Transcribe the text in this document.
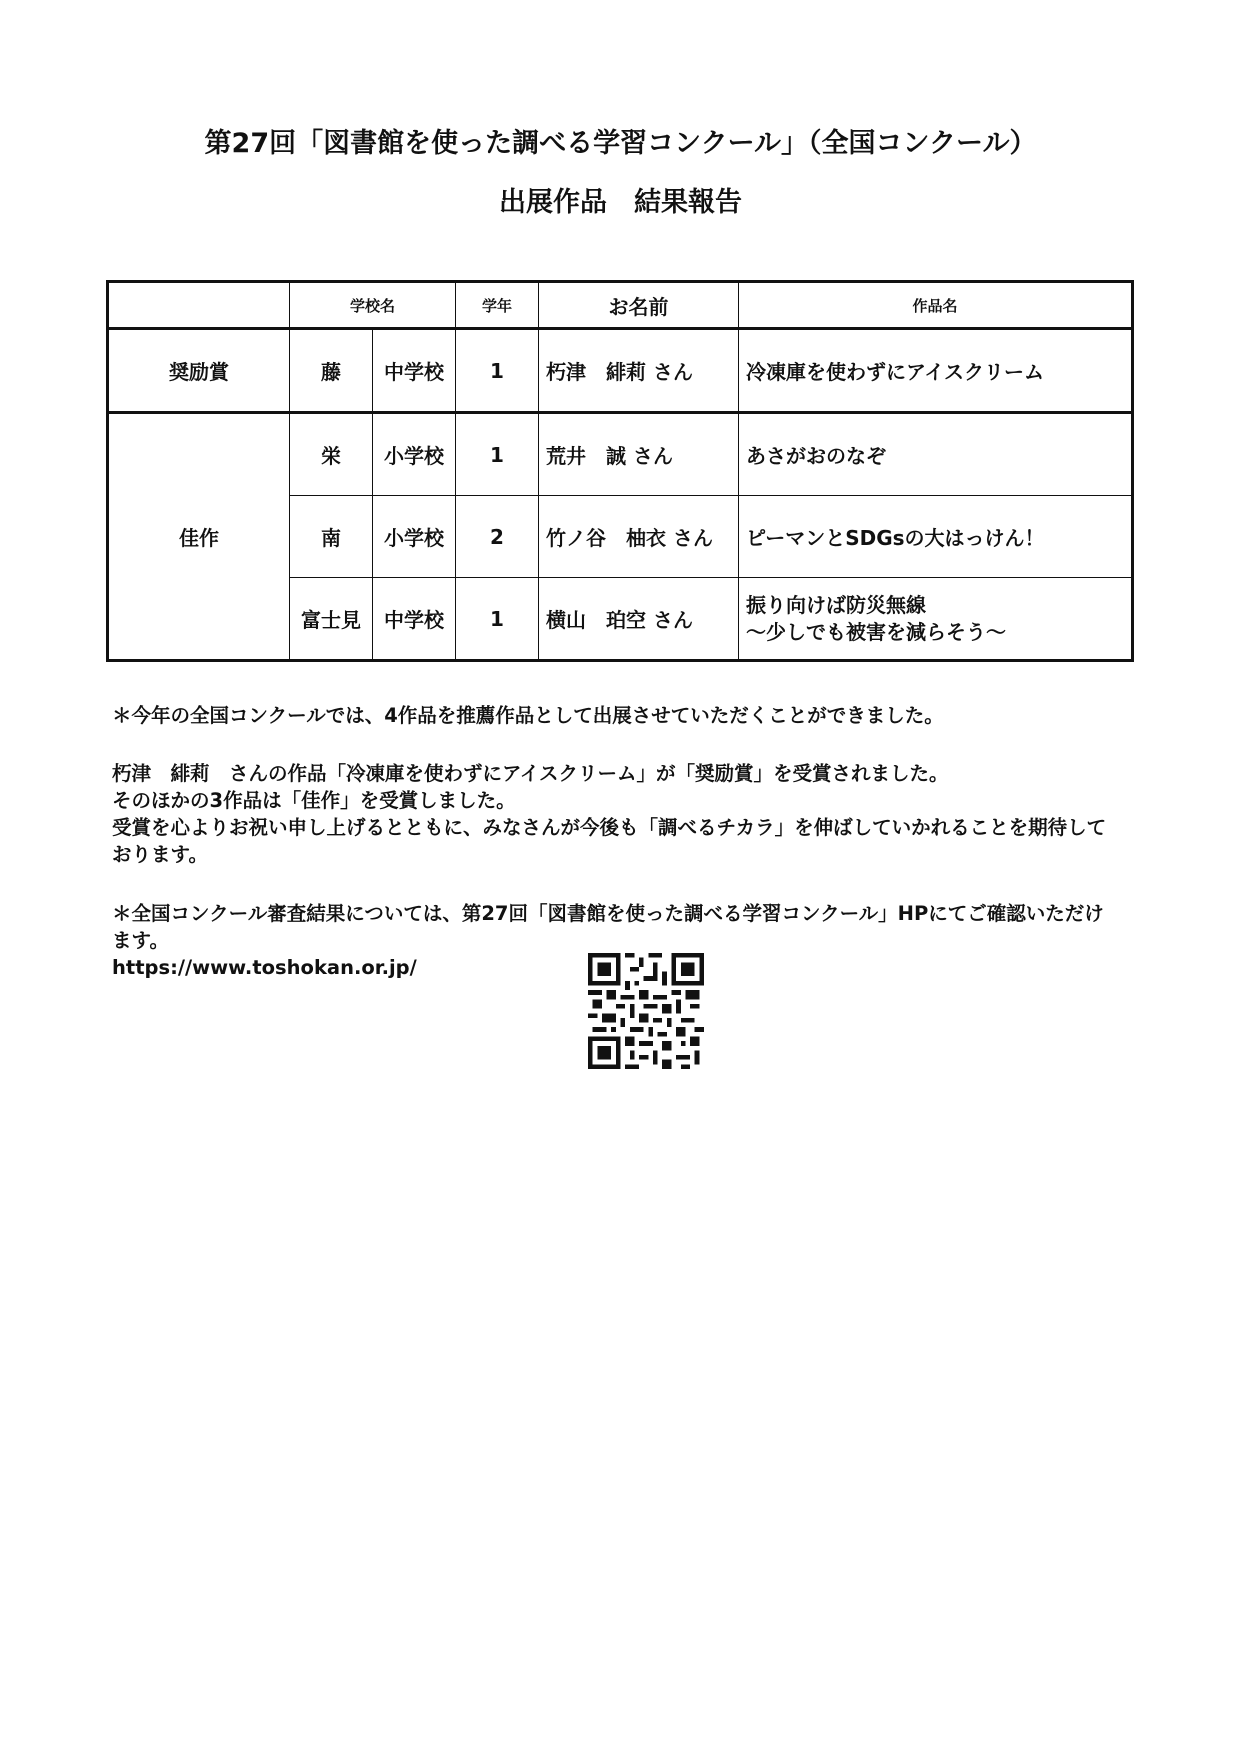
第27回「図書館を使った調べる学習コンクール」（全国コンクール）
出展作品　結果報告
	学校名		学年	お名前	作品名
奨励賞	藤	中学校	1	朽津　緋莉 さん	冷凍庫を使わずにアイスクリーム
佳作	栄	小学校	1	荒井　誠 さん	あさがおのなぞ
	南	小学校	2	竹ノ谷　柚衣 さん	ピーマンとSDGsの大はっけん！
	富士見	中学校	1	横山　珀空 さん	振り向けば防災無線
～少しでも被害を減らそう～
＊今年の全国コンクールでは、4作品を推薦作品として出展させていただくことができました。
朽津　緋莉　さんの作品「冷凍庫を使わずにアイスクリーム」が「奨励賞」を受賞されました。
そのほかの3作品は「佳作」を受賞しました。
受賞を心よりお祝い申し上げるとともに、みなさんが今後も「調べるチカラ」を伸ばしていかれることを期待しております。
＊全国コンクール審査結果については、第27回「図書館を使った調べる学習コンクール」HPにてご確認いただけます。
https://www.toshokan.or.jp/
